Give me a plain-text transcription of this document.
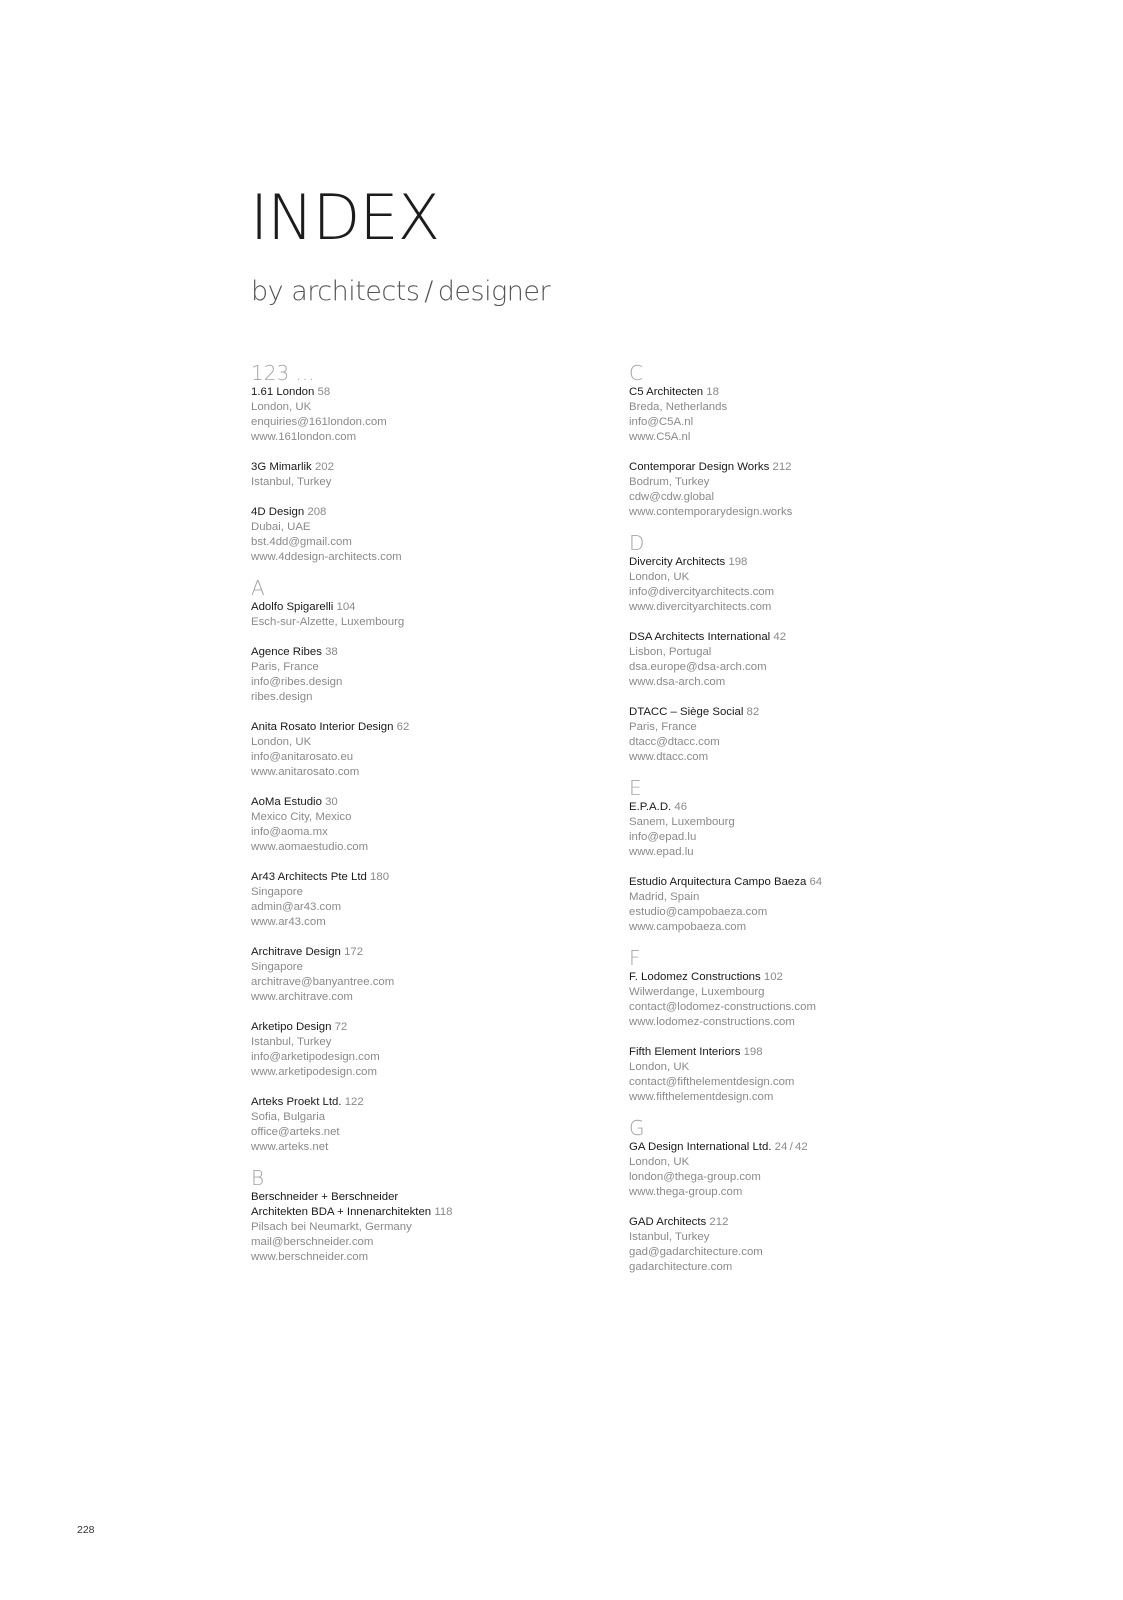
INDEX
by architects / designer
123 ...
1.61 London 58
London, UK
enquiries@161london.com
www.161london.com
3G Mimarlik 202
Istanbul, Turkey
4D Design 208
Dubai, UAE
bst.4dd@gmail.com
www.4ddesign-architects.com
A
Adolfo Spigarelli 104
Esch-sur-Alzette, Luxembourg
Agence Ribes 38
Paris, France
info@ribes.design
ribes.design
Anita Rosato Interior Design 62
London, UK
info@anitarosato.eu
www.anitarosato.com
AoMa Estudio 30
Mexico City, Mexico
info@aoma.mx
www.aomaestudio.com
Ar43 Architects Pte Ltd 180
Singapore
admin@ar43.com
www.ar43.com
Architrave Design 172
Singapore
architrave@banyantree.com
www.architrave.com
Arketipo Design 72
Istanbul, Turkey
info@arketipodesign.com
www.arketipodesign.com
Arteks Proekt Ltd. 122
Sofia, Bulgaria
office@arteks.net
www.arteks.net
B
Berschneider + Berschneider
Architekten BDA + Innenarchitekten 118
Pilsach bei Neumarkt, Germany
mail@berschneider.com
www.berschneider.com
C
C5 Architecten 18
Breda, Netherlands
info@C5A.nl
www.C5A.nl
Contemporar Design Works 212
Bodrum, Turkey
cdw@cdw.global
www.contemporarydesign.works
D
Divercity Architects 198
London, UK
info@divercityarchitects.com
www.divercityarchitects.com
DSA Architects International 42
Lisbon, Portugal
dsa.europe@dsa-arch.com
www.dsa-arch.com
DTACC – Siège Social 82
Paris, France
dtacc@dtacc.com
www.dtacc.com
E
E.P.A.D. 46
Sanem, Luxembourg
info@epad.lu
www.epad.lu
Estudio Arquitectura Campo Baeza 64
Madrid, Spain
estudio@campobaeza.com
www.campobaeza.com
F
F. Lodomez Constructions 102
Wilwerdange, Luxembourg
contact@lodomez-constructions.com
www.lodomez-constructions.com
Fifth Element Interiors 198
London, UK
contact@fifthelementdesign.com
www.fifthelementdesign.com
G
GA Design International Ltd. 24 / 42
London, UK
london@thega-group.com
www.thega-group.com
GAD Architects 212
Istanbul, Turkey
gad@gadarchitecture.com
gadarchitecture.com
228
